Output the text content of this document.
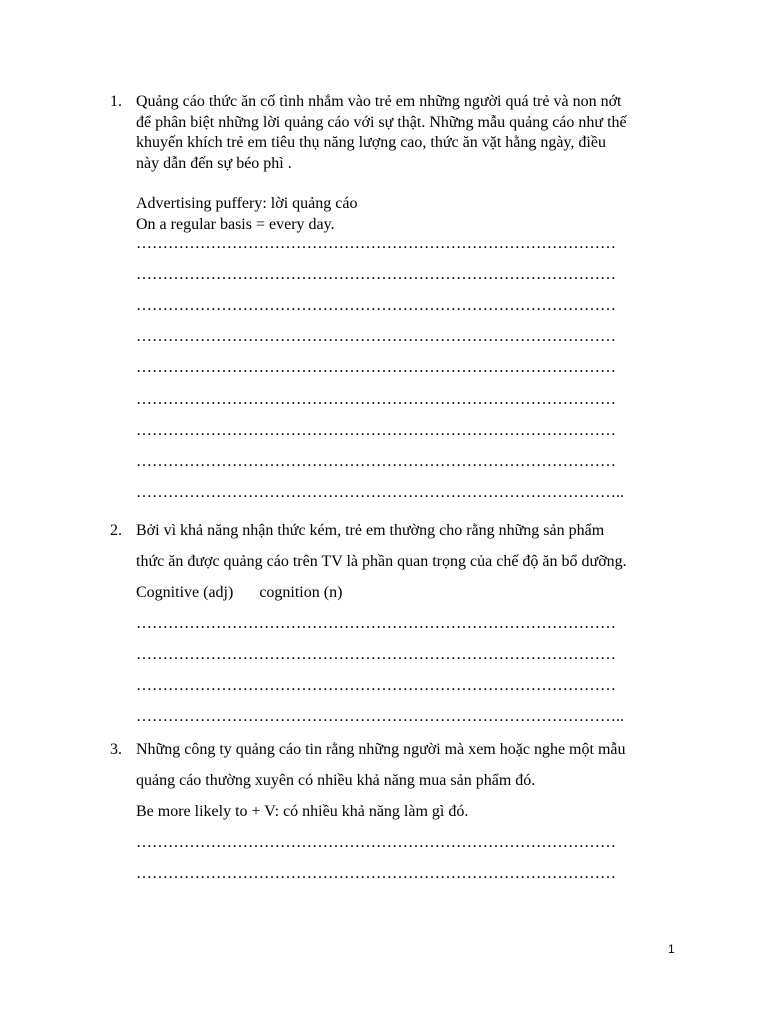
1. Quảng cáo thức ăn cố tình nhắm vào trẻ em những người quá trẻ và non nớt
để phân biệt những lời quảng cáo với sự thật. Những mẫu quảng cáo như thế
khuyến khích trẻ em tiêu thụ năng lượng cao, thức ăn vặt hằng ngày, điều
này dẫn đến sự béo phì .
Advertising puffery: lời quảng cáo
On a regular basis = every day.
………………………………………………………………………………
………………………………………………………………………………
………………………………………………………………………………
………………………………………………………………………………
………………………………………………………………………………
………………………………………………………………………………
………………………………………………………………………………
………………………………………………………………………………
………………………………………………………………………………..
2. Bởi vì khả năng nhận thức kém, trẻ em thường cho rằng những sản phẩm
thức ăn được quảng cáo trên TV là phần quan trọng của chế độ ăn bổ dưỡng.
Cognitive (adj) cognition (n)
………………………………………………………………………………
………………………………………………………………………………
………………………………………………………………………………
………………………………………………………………………………..
3. Những công ty quảng cáo tin rằng những người mà xem hoặc nghe một mẫu
quảng cáo thường xuyên có nhiều khả năng mua sản phẩm đó.
Be more likely to + V: có nhiều khả năng làm gì đó.
………………………………………………………………………………
………………………………………………………………………………
1
